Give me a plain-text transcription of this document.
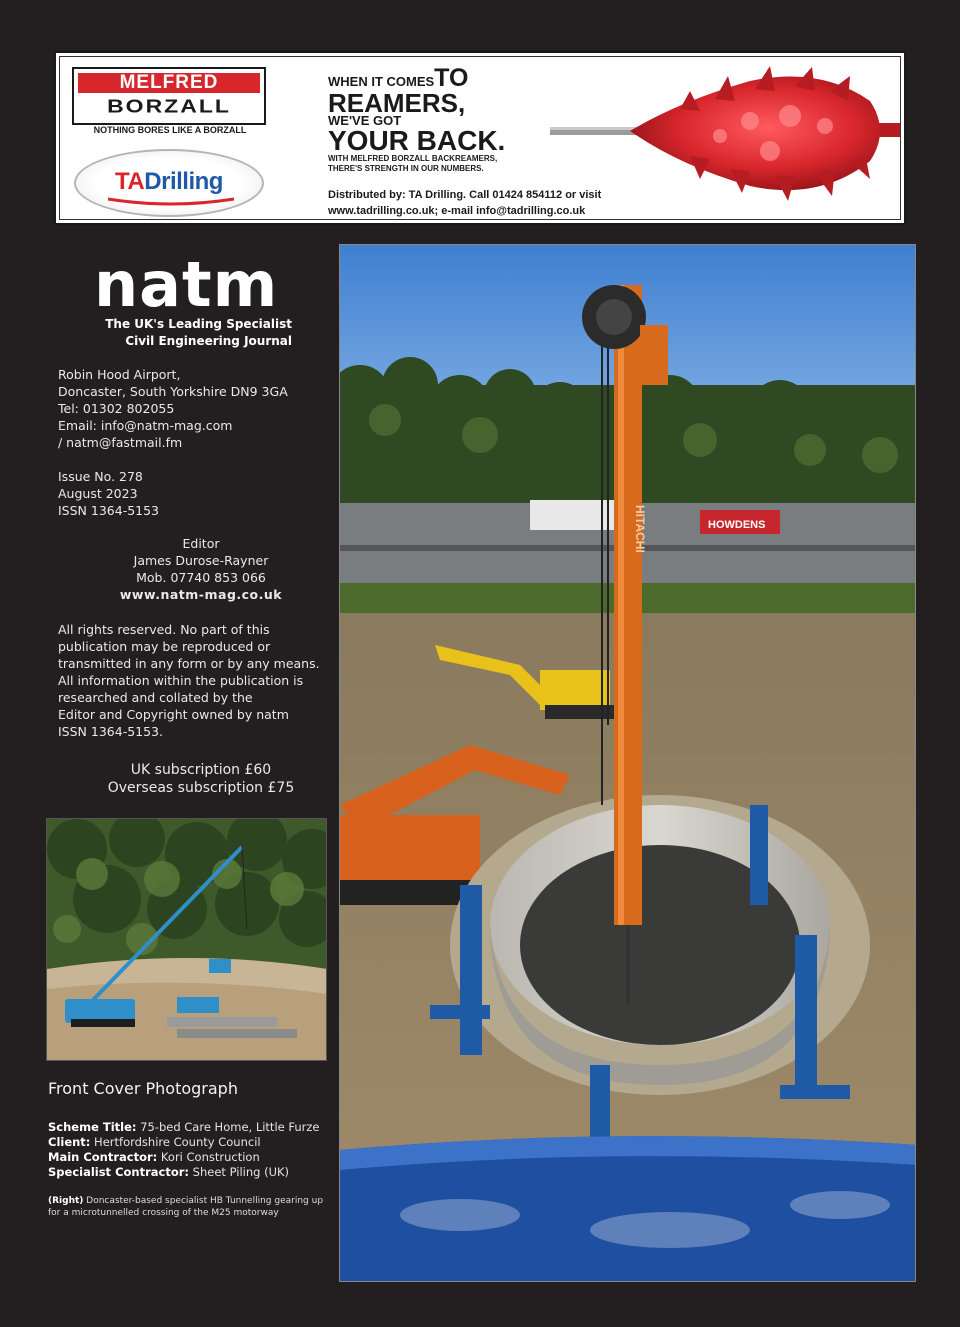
MELFRED
BORZALL
NOTHING BORES LIKE A BORZALL
TADrilling
WHEN IT COMESTO
REAMERS,
WE'VE GOT
YOUR BACK.
WITH MELFRED BORZALL BACKREAMERS,
THERE'S STRENGTH IN OUR NUMBERS.
Distributed by: TA Drilling. Call 01424 854112 or visit
www.tadrilling.co.uk; e-mail info@tadrilling.co.uk
natm
The UK's Leading Specialist
Civil Engineering Journal
Robin Hood Airport,
Doncaster, South Yorkshire DN9 3GA
Tel: 01302 802055
Email: info@natm-mag.com
/ natm@fastmail.fm
Issue No. 278
August 2023
ISSN 1364-5153
Editor
James Durose-Rayner
Mob. 07740 853 066
www.natm-mag.co.uk
All rights reserved. No part of this
publication may be reproduced or
transmitted in any form or by any means.
All information within the publication is
researched and collated by the
Editor and Copyright owned by natm
ISSN 1364-5153.
UK subscription £60
Overseas subscription £75
Front Cover Photograph
Scheme Title: 75-bed Care Home, Little Furze
Client: Hertfordshire County Council
Main Contractor: Kori Construction
Specialist Contractor: Sheet Piling (UK)
(Right) Doncaster-based specialist HB Tunnelling gearing up
for a microtunnelled crossing of the M25 motorway
HOWDENS
HITACHI
